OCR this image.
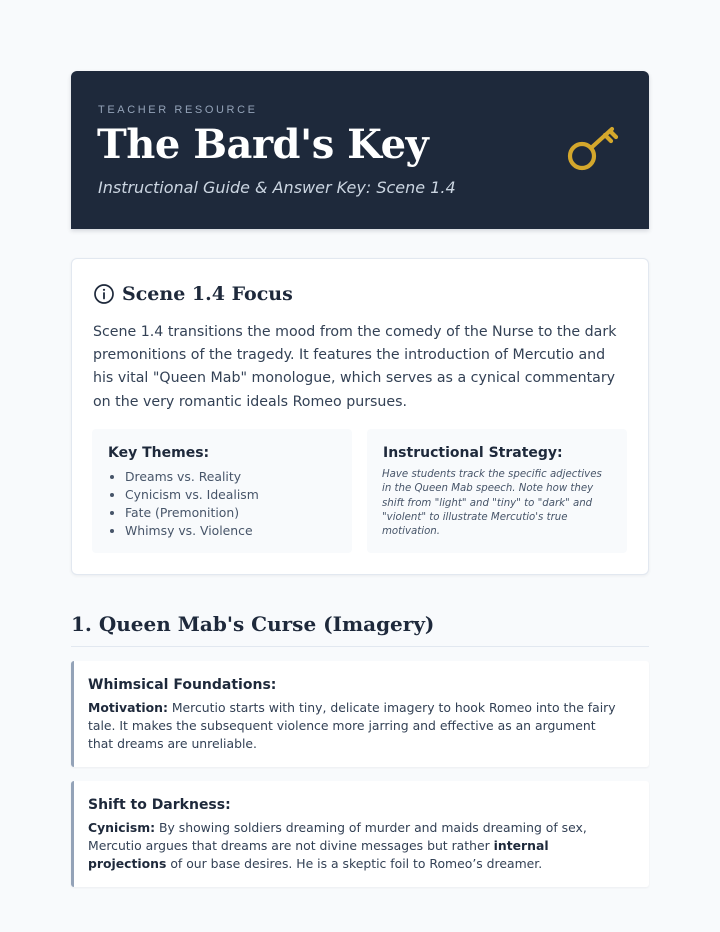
TEACHER RESOURCE
The Bard's Key
Instructional Guide & Answer Key: Scene 1.4
Scene 1.4 Focus

Scene 1.4 transitions the mood from the comedy of the Nurse to the dark premonitions of the tragedy. It features the introduction of Mercutio and his vital "Queen Mab" monologue, which serves as a cynical commentary on the very romantic ideals Romeo pursues.

Key Themes:
• Dreams vs. Reality
• Cynicism vs. Idealism
• Fate (Premonition)
• Whimsy vs. Violence
Instructional Strategy:

Have students track the specific adjectives in the Queen Mab speech. Note how they shift from "light" and "tiny" to "dark" and "violent" to illustrate Mercutio's true motivation.

1. Queen Mab's Curse (Imagery)
Whimsical Foundations:

Motivation: Mercutio starts with tiny, delicate imagery to hook Romeo into the fairy tale. It makes the subsequent violence more jarring and effective as an argument that dreams are unreliable.

Shift to Darkness:

Cynicism: By showing soldiers dreaming of murder and maids dreaming of sex, Mercutio argues that dreams are not divine messages but rather internal projections of our base desires. He is a skeptic foil to Romeo’s dreamer.
